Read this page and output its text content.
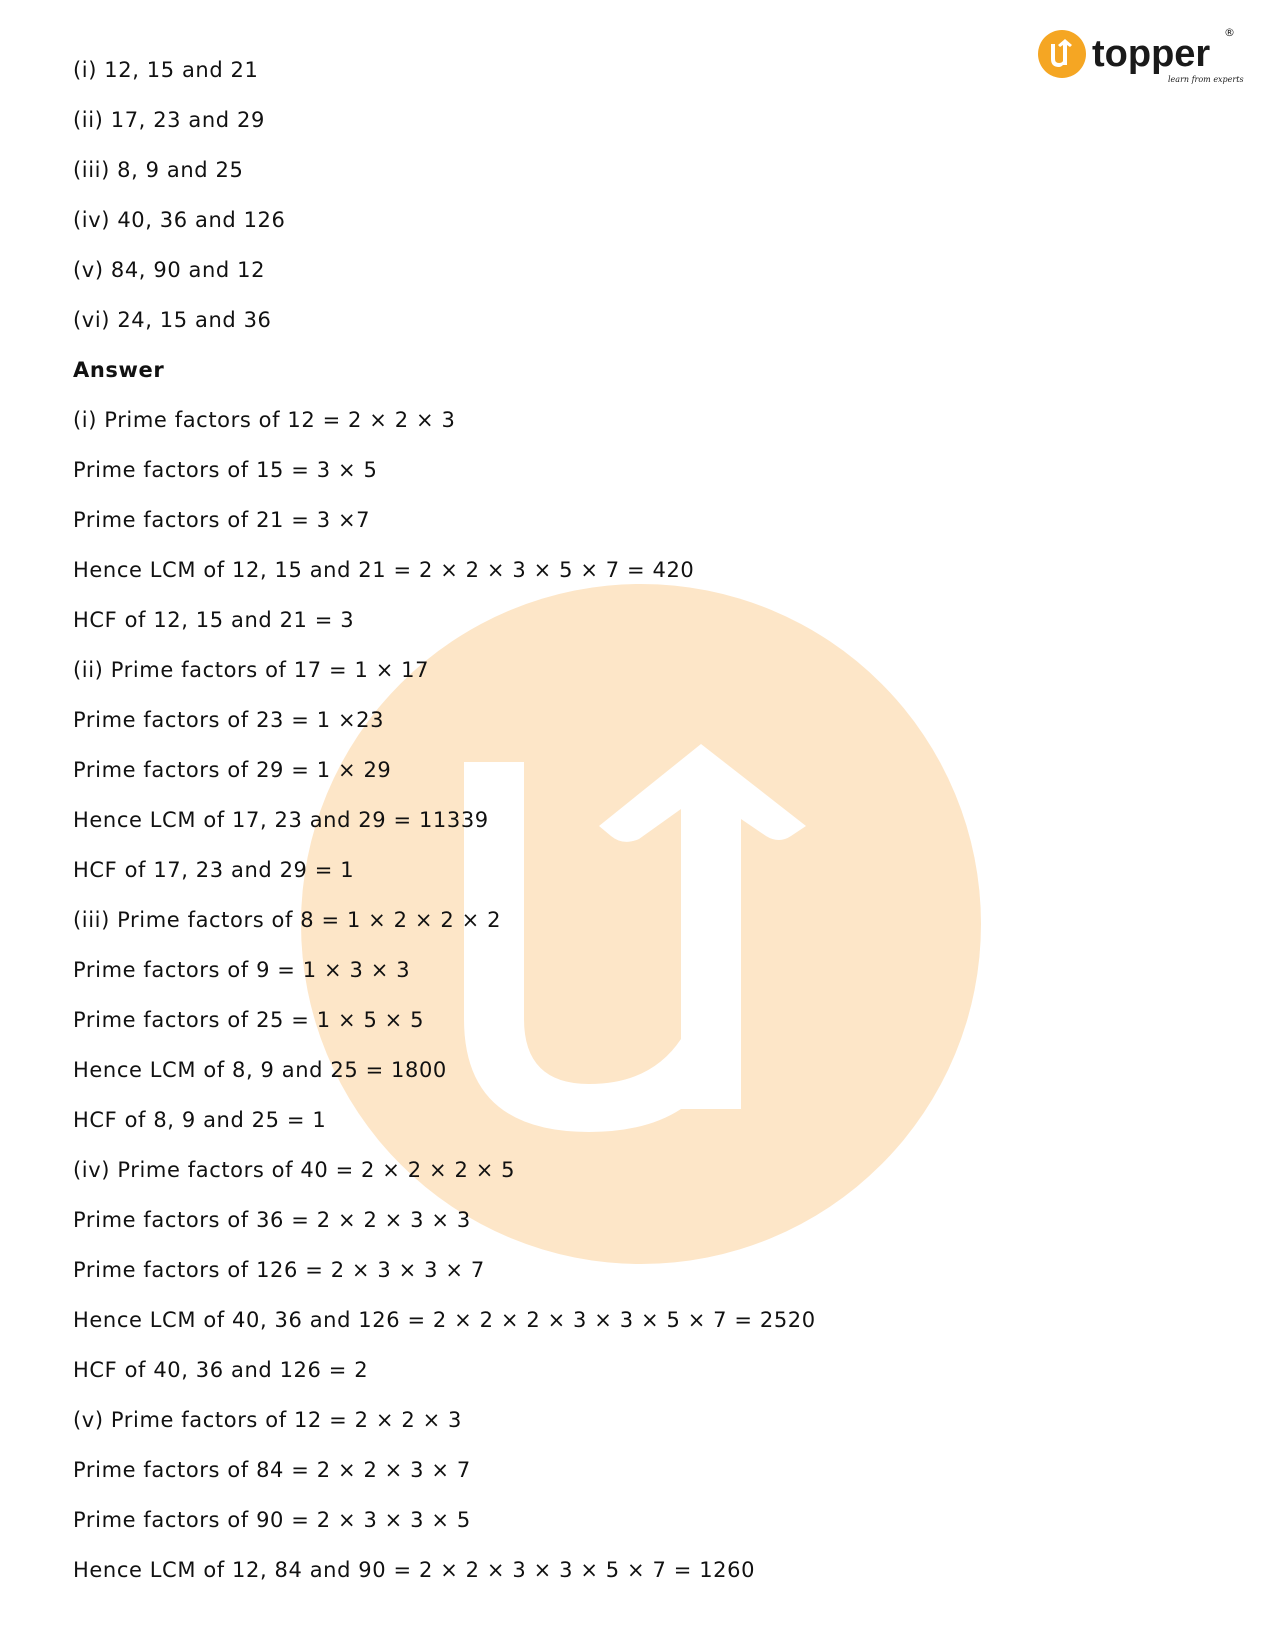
topper
®
learn from experts
(i) 12, 15 and 21
(ii) 17, 23 and 29
(iii) 8, 9 and 25
(iv) 40, 36 and 126
(v) 84, 90 and 12
(vi) 24, 15 and 36
Answer
(i) Prime factors of 12 = 2 × 2 × 3
Prime factors of 15 = 3 × 5
Prime factors of 21 = 3 ×7
Hence LCM of 12, 15 and 21 = 2 × 2 × 3 × 5 × 7 = 420
HCF of 12, 15 and 21 = 3
(ii) Prime factors of 17 = 1 × 17
Prime factors of 23 = 1 ×23
Prime factors of 29 = 1 × 29
Hence LCM of 17, 23 and 29 = 11339
HCF of 17, 23 and 29 = 1
(iii) Prime factors of 8 = 1 × 2 × 2 × 2
Prime factors of 9 = 1 × 3 × 3
Prime factors of 25 = 1 × 5 × 5
Hence LCM of 8, 9 and 25 = 1800
HCF of 8, 9 and 25 = 1
(iv) Prime factors of 40 = 2 × 2 × 2 × 5
Prime factors of 36 = 2 × 2 × 3 × 3
Prime factors of 126 = 2 × 3 × 3 × 7
Hence LCM of 40, 36 and 126 = 2 × 2 × 2 × 3 × 3 × 5 × 7 = 2520
HCF of 40, 36 and 126 = 2
(v) Prime factors of 12 = 2 × 2 × 3
Prime factors of 84 = 2 × 2 × 3 × 7
Prime factors of 90 = 2 × 3 × 3 × 5
Hence LCM of 12, 84 and 90 = 2 × 2 × 3 × 3 × 5 × 7 = 1260
